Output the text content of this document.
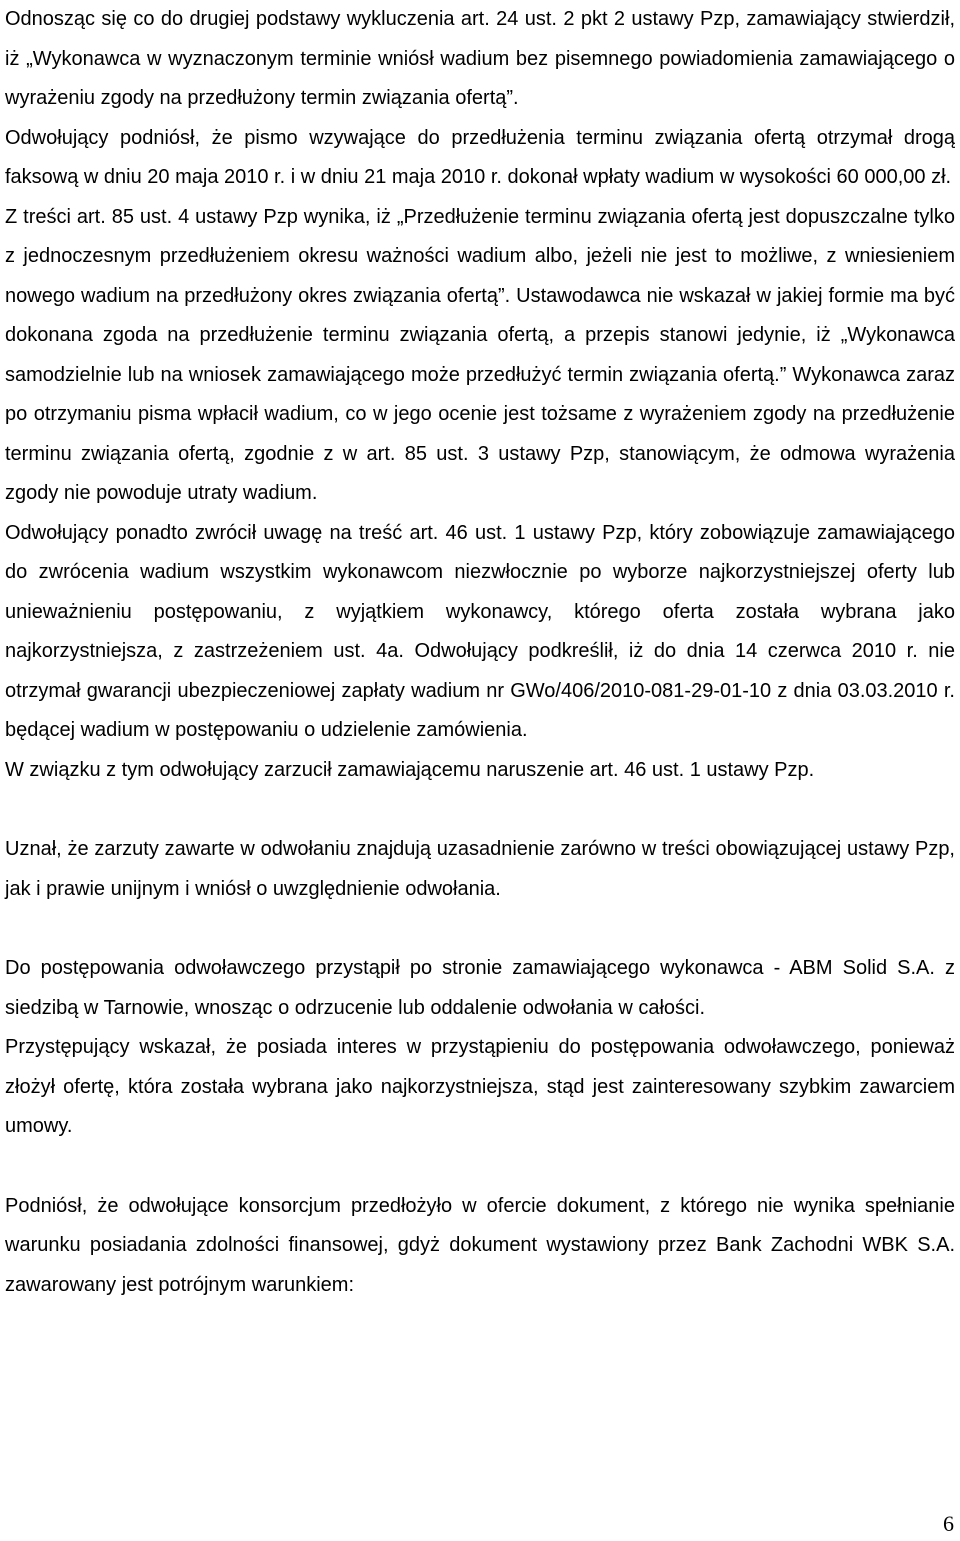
Odnosząc się co do drugiej podstawy wykluczenia art. 24 ust. 2 pkt 2 ustawy Pzp, zamawiający stwierdził, iż „Wykonawca w wyznaczonym terminie wniósł wadium bez pisemnego powiadomienia zamawiającego o wyrażeniu zgody na przedłużony termin związania ofertą”.

Odwołujący podniósł, że pismo wzywające do przedłużenia terminu związania ofertą otrzymał drogą faksową w dniu 20 maja 2010 r. i w dniu 21 maja 2010 r. dokonał wpłaty wadium w wysokości 60 000,00 zł.

Z treści art. 85 ust. 4 ustawy Pzp wynika, iż „Przedłużenie terminu związania ofertą jest dopuszczalne tylko z jednoczesnym przedłużeniem okresu ważności wadium albo, jeżeli nie jest to możliwe, z wniesieniem nowego wadium na przedłużony okres związania ofertą”. Ustawodawca nie wskazał w jakiej formie ma być dokonana zgoda na przedłużenie terminu związania ofertą, a przepis stanowi jedynie, iż „Wykonawca samodzielnie lub na wniosek zamawiającego może przedłużyć termin związania ofertą.” Wykonawca zaraz po otrzymaniu pisma wpłacił wadium, co w jego ocenie jest tożsame z wyrażeniem zgody na przedłużenie terminu związania ofertą, zgodnie z w art. 85 ust. 3 ustawy Pzp, stanowiącym, że odmowa wyrażenia zgody nie powoduje utraty wadium.

Odwołujący ponadto zwrócił uwagę na treść art. 46 ust. 1 ustawy Pzp, który zobowiązuje zamawiającego do zwrócenia wadium wszystkim wykonawcom niezwłocznie po wyborze najkorzystniejszej oferty lub unieważnieniu postępowaniu, z wyjątkiem wykonawcy, którego oferta została wybrana jako najkorzystniejsza, z zastrzeżeniem ust. 4a. Odwołujący podkreślił, iż do dnia 14 czerwca 2010 r. nie otrzymał gwarancji ubezpieczeniowej zapłaty wadium nr GWo/406/2010-081-29-01-10 z dnia 03.03.2010 r. będącej wadium w postępowaniu o udzielenie zamówienia.

W związku z tym odwołujący zarzucił zamawiającemu naruszenie art. 46 ust. 1 ustawy Pzp.

Uznał, że zarzuty zawarte w odwołaniu znajdują uzasadnienie zarówno w treści obowiązującej ustawy Pzp, jak i prawie unijnym i wniósł o uwzględnienie odwołania.

Do postępowania odwoławczego przystąpił po stronie zamawiającego wykonawca - ABM Solid S.A. z siedzibą w Tarnowie, wnosząc o odrzucenie lub oddalenie odwołania w całości.

Przystępujący wskazał, że posiada interes w przystąpieniu do postępowania odwoławczego, ponieważ złożył ofertę, która została wybrana jako najkorzystniejsza, stąd jest zainteresowany szybkim zawarciem umowy.

Podniósł, że odwołujące konsorcjum przedłożyło w ofercie dokument, z którego nie wynika spełnianie warunku posiadania zdolności finansowej, gdyż dokument wystawiony przez Bank Zachodni WBK S.A. zawarowany jest potrójnym warunkiem:

6
